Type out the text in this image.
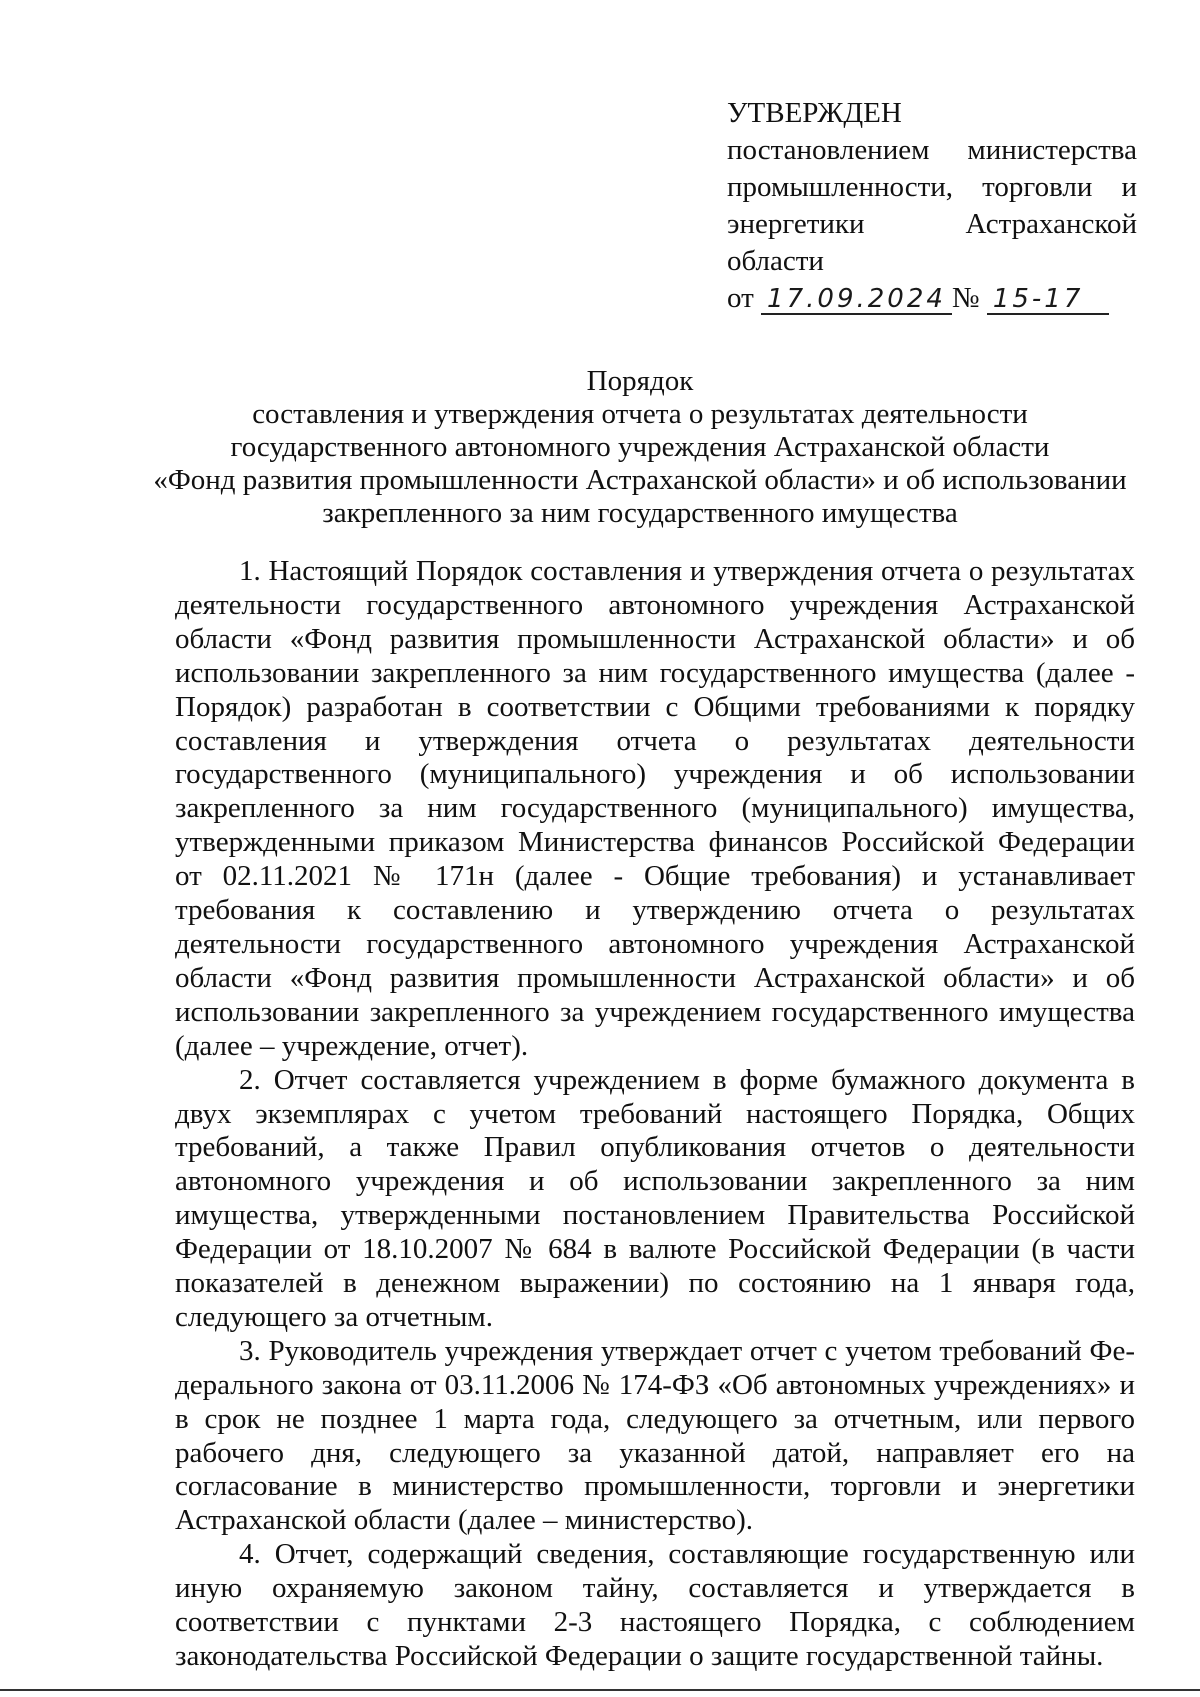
УТВЕРЖДЕН
постановлением министерства
промышленности, торговли и
энергетики Астраханской области
от 17.09.2024 № 15-17
Порядок
составления и утверждения отчета о результатах деятельности
государственного автономного учреждения Астраханской области
«Фонд развития промышленности Астраханской области» и об использовании
закрепленного за ним государственного имущества

1. Настоящий Порядок составления и утверждения отчета о результатах деятельности государственного автономного учреждения Астраханской области «Фонд развития промышленности Астраханской области» и об использовании закрепленного за ним государственного имущества (далее - Порядок) разработан в соответствии с Общими требованиями к порядку составления и утверждения отчета о результатах деятельности государственного (муниципального) учреждения и об использовании закрепленного за ним государственного (муниципального) имущества, утвержденными приказом Министерства финансов Российской Федерации от 02.11.2021 № 171н (далее - Общие требования) и устанавливает требования к составлению и утверждению отчета о результатах деятельности государственного автономного учреждения Астраханской области «Фонд развития промышленности Астраханской области» и об использовании закрепленного за учреждением государственного имущества (далее – учреждение, отчет).

2. Отчет составляется учреждением в форме бумажного документа в двух экземплярах с учетом требований настоящего Порядка, Общих требований, а также Правил опубликования отчетов о деятельности автономного учреждения и об использовании закрепленного за ним имущества, утвержденными постановлением Правительства Российской Федерации от 18.10.2007 № 684 в валюте Российской Федерации (в части показателей в денежном выражении) по состоянию на 1 января года, следующего за отчетным.

3. Руководитель учреждения утверждает отчет с учетом требований Федерального закона от 03.11.2006 № 174-ФЗ «Об автономных учреждениях» и в срок не позднее 1 марта года, следующего за отчетным, или первого рабочего дня, следующего за указанной датой, направляет его на согласование в министерство промышленности, торговли и энергетики Астраханской области (далее – министерство).

4. Отчет, содержащий сведения, составляющие государственную или иную охраняемую законом тайну, составляется и утверждается в соответствии с пунктами 2-3 настоящего Порядка, с соблюдением законодательства Российской Федерации о защите государственной тайны.
